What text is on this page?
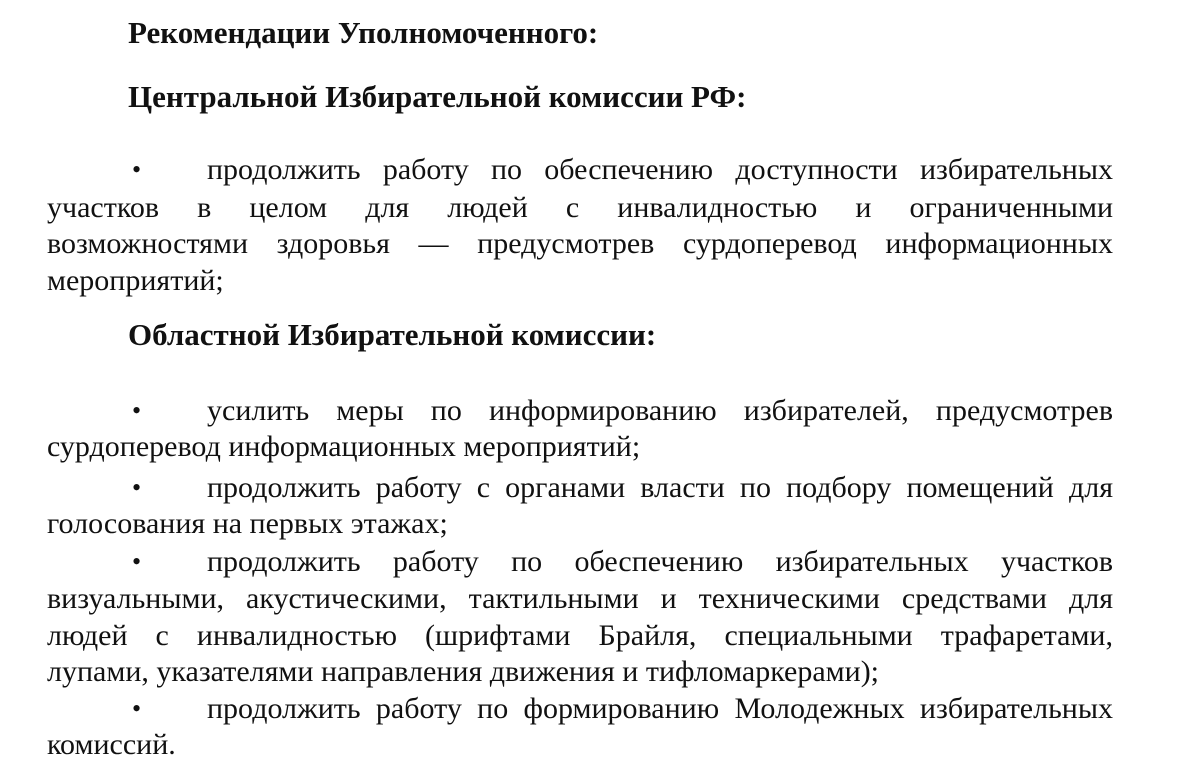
Рекомендации Уполномоченного:
Центральной Избирательной комиссии РФ:
• продолжить работу по обеспечению доступности избирательных
участков в целом для людей с инвалидностью и ограниченными
возможностями здоровья — предусмотрев сурдоперевод информационных
мероприятий;
Областной Избирательной комиссии:
• усилить меры по информированию избирателей, предусмотрев
сурдоперевод информационных мероприятий;
• продолжить работу с органами власти по подбору помещений для
голосования на первых этажах;
• продолжить работу по обеспечению избирательных участков
визуальными, акустическими, тактильными и техническими средствами для
людей с инвалидностью (шрифтами Брайля, специальными трафаретами,
лупами, указателями направления движения и тифломаркерами);
• продолжить работу по формированию Молодежных избирательных
комиссий.
